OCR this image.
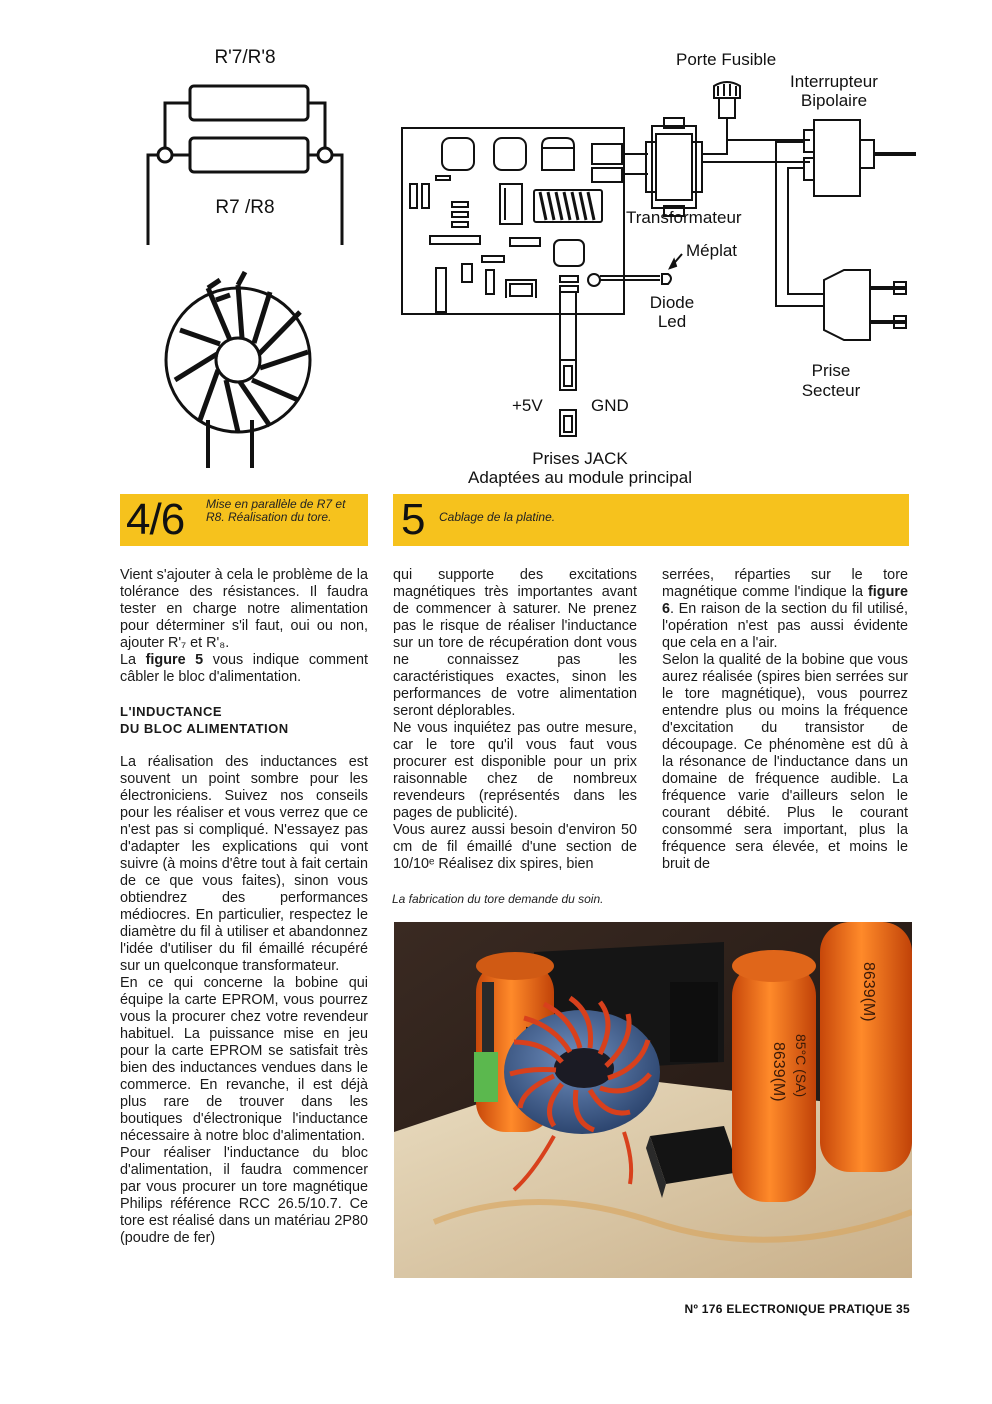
R'7/R'8
R7 /R8
Porte Fusible
Interrupteur
Bipolaire
Transformateur
Méplat
Diode
Led
Prise
Secteur
+5V	GND
Prises JACK
Adaptées au module principal
4/6 Mise en parallèle de R7 et R8. Réalisation du tore.	5 Cablage de la platine.

Vient s'ajouter à cela le problème de la tolérance des résistances. Il faudra tester en charge notre alimentation pour déterminer s'il faut, oui ou non, ajouter R'₇ et R'₈.

La figure 5 vous indique comment câbler le bloc d'alimentation.

L'INDUCTANCE
DU BLOC ALIMENTATION

La réalisation des inductances est souvent un point sombre pour les électroniciens. Suivez nos conseils pour les réaliser et vous verrez que ce n'est pas si compliqué. N'essayez pas d'adapter les explications qui vont suivre (à moins d'être tout à fait certain de ce que vous faites), sinon vous obtiendrez des performances médiocres. En particulier, respectez le diamètre du fil à utiliser et abandonnez l'idée d'utiliser du fil émaillé récupéré sur un quelconque transformateur.

En ce qui concerne la bobine qui équipe la carte EPROM, vous pourrez vous la procurer chez votre revendeur habituel. La puissance mise en jeu pour la carte EPROM se satisfait très bien des inductances vendues dans le commerce. En revanche, il est déjà plus rare de trouver dans les boutiques d'électronique l'inductance nécessaire à notre bloc d'alimentation.

Pour réaliser l'inductance du bloc d'alimentation, il faudra commencer par vous procurer un tore magnétique Philips référence RCC 26.5/10.7. Ce tore est réalisé dans un matériau 2P80 (poudre de fer)

qui supporte des excitations magnétiques très importantes avant de commencer à saturer. Ne prenez pas le risque de réaliser l'inductance sur un tore de récupération dont vous ne connaissez pas les caractéristiques exactes, sinon les performances de votre alimentation seront déplorables.

Ne vous inquiétez pas outre mesure, car le tore qu'il vous faut vous procurer est disponible pour un prix raisonnable chez de nombreux revendeurs (représentés dans les pages de publicité).

Vous aurez aussi besoin d'environ 50 cm de fil émaillé d'une section de 10/10ᵉ Réalisez dix spires, bien

serrées, réparties sur le tore magnétique comme l'indique la figure 6. En raison de la section du fil utilisé, l'opération n'est pas aussi évidente que cela en a l'air.

Selon la qualité de la bobine que vous aurez réalisée (spires bien serrées sur le tore magnétique), vous pourrez entendre plus ou moins la fréquence d'excitation du transistor de découpage. Ce phénomène est dû à la résonance de l'inductance dans un domaine de fréquence audible. La fréquence varie d'ailleurs selon le courant débité. Plus le courant consommé sera important, plus la fréquence sera élevée, et moins le bruit de

La fabrication du tore demande du soin.
8639(M) 85°C (SA)
8639(M)
Nº 176 ELECTRONIQUE PRATIQUE 35
